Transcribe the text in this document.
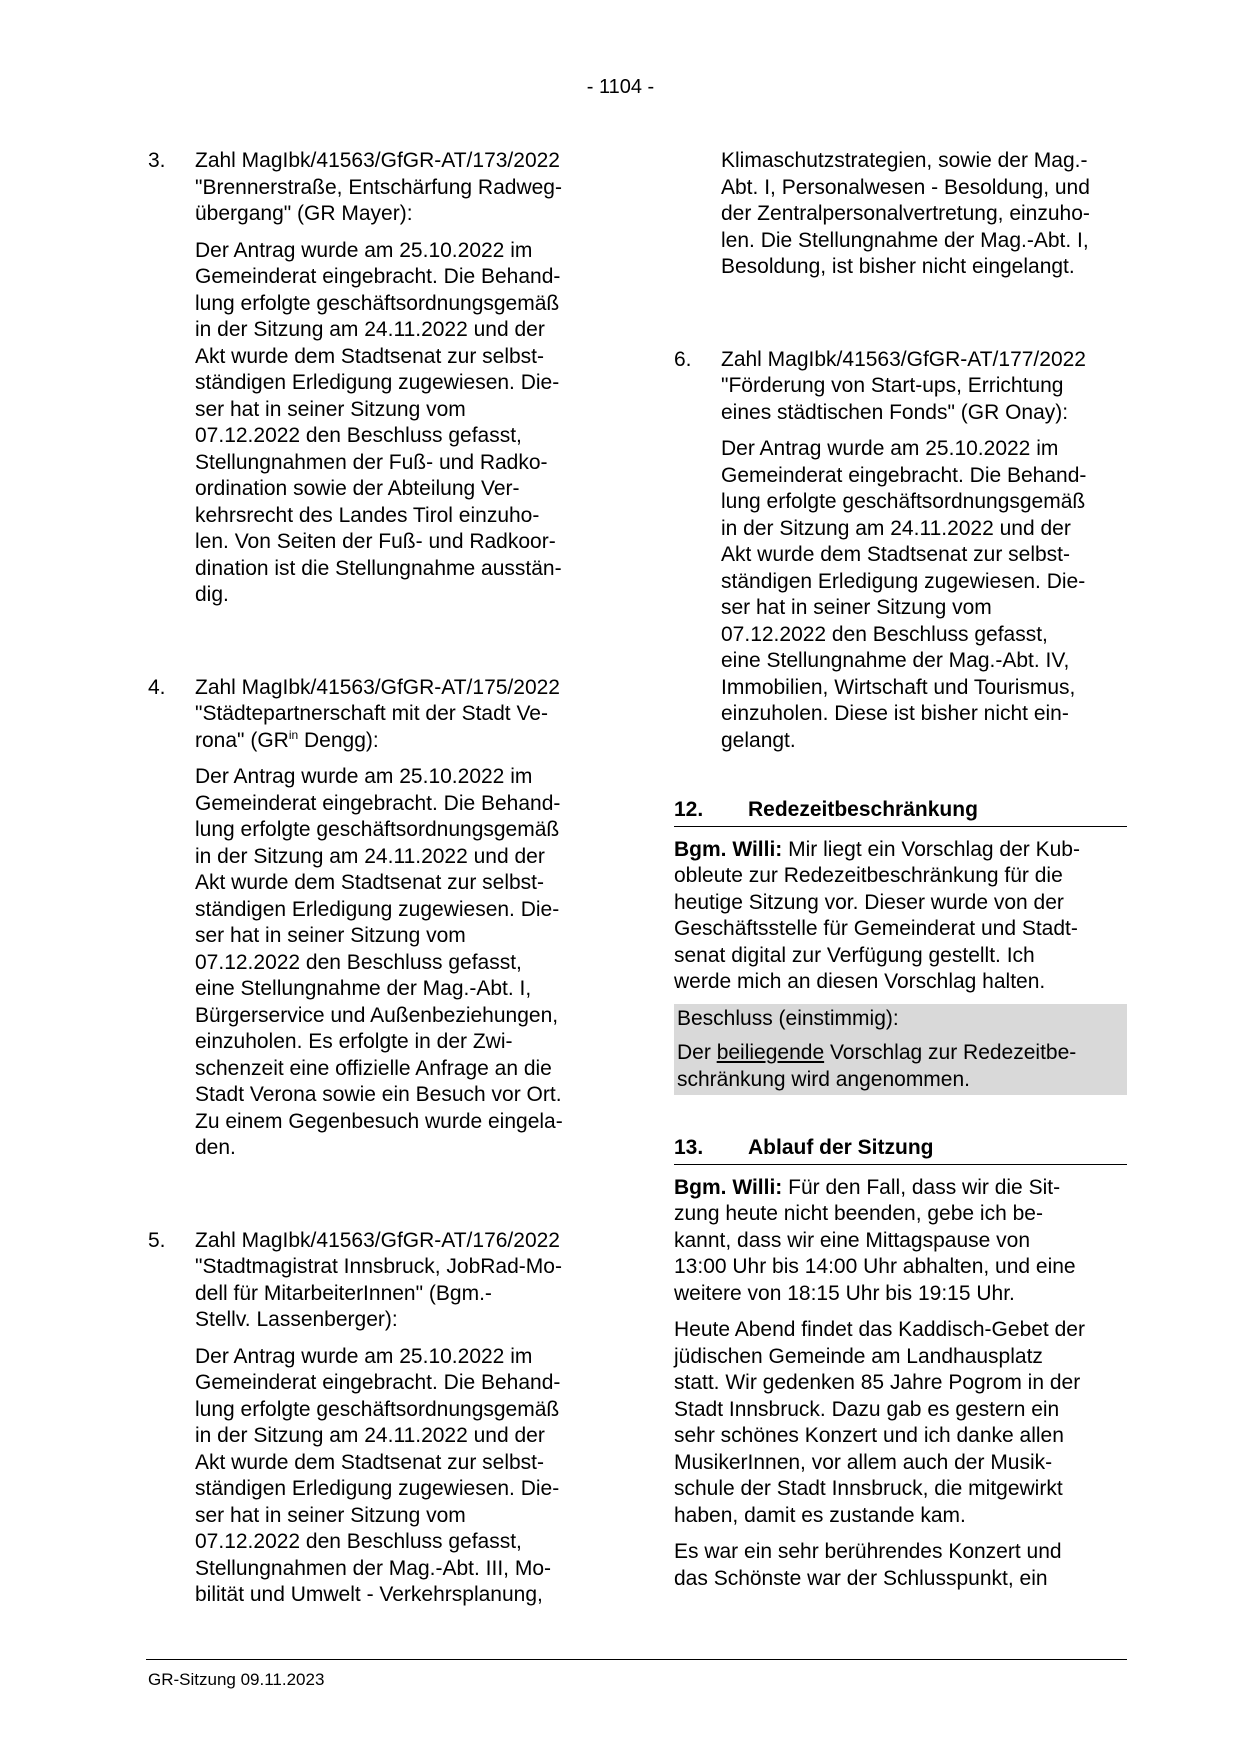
- 1104 -
3. Zahl MagIbk/41563/GfGR-AT/173/2022
"Brennerstraße, Entschärfung Radweg-
übergang" (GR Mayer):
Der Antrag wurde am 25.10.2022 im
Gemeinderat eingebracht. Die Behand-
lung erfolgte geschäftsordnungsgemäß
in der Sitzung am 24.11.2022 und der
Akt wurde dem Stadtsenat zur selbst-
ständigen Erledigung zugewiesen. Die-
ser hat in seiner Sitzung vom
07.12.2022 den Beschluss gefasst,
Stellungnahmen der Fuß- und Radko-
ordination sowie der Abteilung Ver-
kehrsrecht des Landes Tirol einzuho-
len. Von Seiten der Fuß- und Radkoor-
dination ist die Stellungnahme ausstän-
dig.
4. Zahl MagIbk/41563/GfGR-AT/175/2022
"Städtepartnerschaft mit der Stadt Ve-
rona" ($GR^{in}$ Dengg):
Der Antrag wurde am 25.10.2022 im
Gemeinderat eingebracht. Die Behand-
lung erfolgte geschäftsordnungsgemäß
in der Sitzung am 24.11.2022 und der
Akt wurde dem Stadtsenat zur selbst-
ständigen Erledigung zugewiesen. Die-
ser hat in seiner Sitzung vom
07.12.2022 den Beschluss gefasst,
eine Stellungnahme der Mag.-Abt. I,
Bürgerservice und Außenbeziehungen,
einzuholen. Es erfolgte in der Zwi-
schenzeit eine offizielle Anfrage an die
Stadt Verona sowie ein Besuch vor Ort.
Zu einem Gegenbesuch wurde eingela-
den.
5. Zahl MagIbk/41563/GfGR-AT/176/2022
"Stadtmagistrat Innsbruck, JobRad-Mo-
dell für MitarbeiterInnen" (Bgm.-
Stellv. Lassenberger):
Der Antrag wurde am 25.10.2022 im
Gemeinderat eingebracht. Die Behand-
lung erfolgte geschäftsordnungsgemäß
in der Sitzung am 24.11.2022 und der
Akt wurde dem Stadtsenat zur selbst-
ständigen Erledigung zugewiesen. Die-
ser hat in seiner Sitzung vom
07.12.2022 den Beschluss gefasst,
Stellungnahmen der Mag.-Abt. III, Mo-
bilität und Umwelt - Verkehrsplanung,
Klimaschutzstrategien, sowie der Mag.-
Abt. I, Personalwesen - Besoldung, und
der Zentralpersonalvertretung, einzuho-
len. Die Stellungnahme der Mag.-Abt. I,
Besoldung, ist bisher nicht eingelangt.
6. Zahl MagIbk/41563/GfGR-AT/177/2022
"Förderung von Start-ups, Errichtung
eines städtischen Fonds" (GR Onay):
Der Antrag wurde am 25.10.2022 im
Gemeinderat eingebracht. Die Behand-
lung erfolgte geschäftsordnungsgemäß
in der Sitzung am 24.11.2022 und der
Akt wurde dem Stadtsenat zur selbst-
ständigen Erledigung zugewiesen. Die-
ser hat in seiner Sitzung vom
07.12.2022 den Beschluss gefasst,
eine Stellungnahme der Mag.-Abt. IV,
Immobilien, Wirtschaft und Tourismus,
einzuholen. Diese ist bisher nicht ein-
gelangt.
12.	Redezeitbeschränkung
Bgm. Willi: Mir liegt ein Vorschlag der Kub-
obleute zur Redezeitbeschränkung für die
heutige Sitzung vor. Dieser wurde von der
Geschäftsstelle für Gemeinderat und Stadt-
senat digital zur Verfügung gestellt. Ich
werde mich an diesen Vorschlag halten.
Beschluss (einstimmig):
Der beiliegende Vorschlag zur Redezeitbe-
schränkung wird angenommen.
13.	Ablauf der Sitzung
Bgm. Willi: Für den Fall, dass wir die Sit-
zung heute nicht beenden, gebe ich be-
kannt, dass wir eine Mittagspause von
13:00 Uhr bis 14:00 Uhr abhalten, und eine
weitere von 18:15 Uhr bis 19:15 Uhr.
Heute Abend findet das Kaddisch-Gebet der
jüdischen Gemeinde am Landhausplatz
statt. Wir gedenken 85 Jahre Pogrom in der
Stadt Innsbruck. Dazu gab es gestern ein
sehr schönes Konzert und ich danke allen
MusikerInnen, vor allem auch der Musik-
schule der Stadt Innsbruck, die mitgewirkt
haben, damit es zustande kam.
Es war ein sehr berührendes Konzert und
das Schönste war der Schlusspunkt, ein
GR-Sitzung 09.11.2023
